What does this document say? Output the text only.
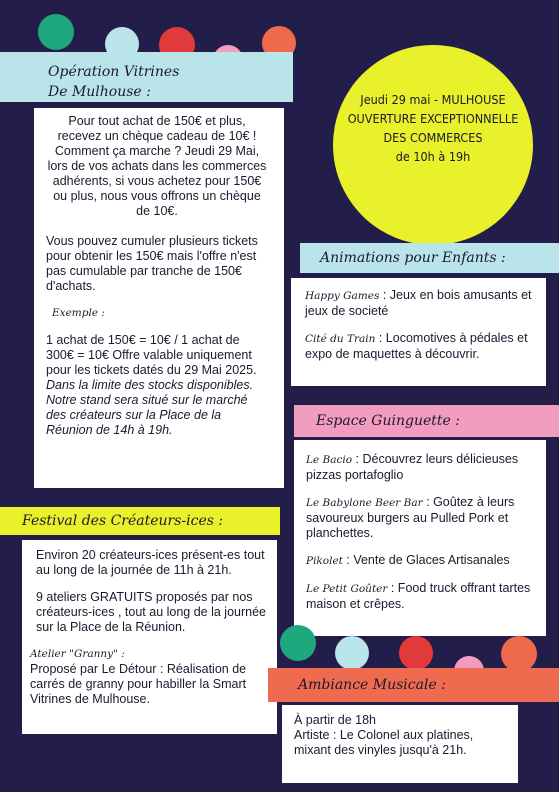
Jeudi 29 mai - MULHOUSE
OUVERTURE EXCEPTIONNELLE
DES COMMERCES
de 10h à 19h
Opération Vitrines
De Mulhouse :

Pour tout achat de 150€ et plus, recevez un chèque cadeau de 10€ ! Comment ça marche ? Jeudi 29 Mai, lors de vos achats dans les commerces adhérents, si vous achetez pour 150€ ou plus, nous vous offrons un chèque de 10€.

Vous pouvez cumuler plusieurs tickets pour obtenir les 150€ mais l'offre n'est pas cumulable par tranche de 150€ d'achats.

Exemple :

1 achat de 150€ = 10€ / 1 achat de 300€ = 10€ Offre valable uniquement pour les tickets datés du 29 Mai 2025.

Dans la limite des stocks disponibles.

Notre stand sera situé sur le marché des créateurs sur la Place de la Réunion de 14h à 19h.

Animations pour Enfants :

Happy Games : Jeux en bois amusants et jeux de societé

Cité du Train : Locomotives à pédales et expo de maquettes à découvrir.

Espace Guinguette :

Le Bacio : Découvrez leurs délicieuses pizzas portafoglio

Le Babylone Beer Bar : Goûtez à leurs savoureux burgers au Pulled Pork et planchettes.

Pikolet : Vente de Glaces Artisanales

Le Petit Goûter : Food truck offrant tartes maison et crêpes.

Festival des Créateurs-ices :

Environ 20 créateurs-ices présent-es tout au long de la journée de 11h à 21h.

9 ateliers GRATUITS proposés par nos créateurs-ices , tout au long de la journée sur la Place de la Réunion.

Atelier "Granny" :

Proposé par Le Détour : Réalisation de carrés de granny pour habiller la Smart Vitrines de Mulhouse.

Ambiance Musicale :

À partir de 18h

Artiste : Le Colonel aux platines, mixant des vinyles jusqu'à 21h.
